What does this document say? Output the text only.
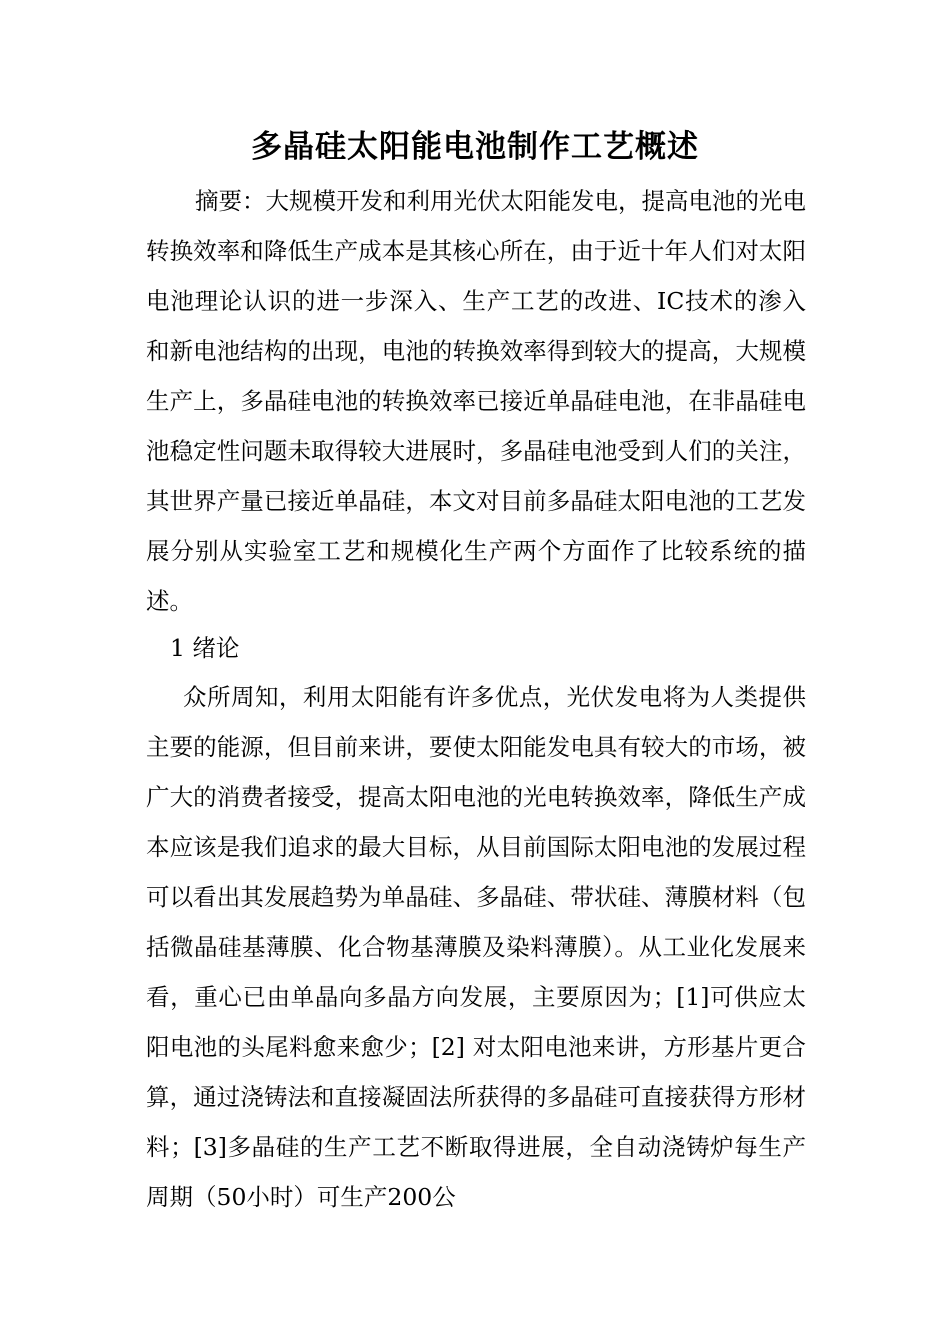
多晶硅太阳能电池制作工艺概述

摘要：大规模开发和利用光伏太阳能发电，提高电池的光电转换效率和降低生产成本是其核心所在，由于近十年人们对太阳电池理论认识的进一步深入、生产工艺的改进、IC技术的渗入和新电池结构的出现，电池的转换效率得到较大的提高，大规模生产上，多晶硅电池的转换效率已接近单晶硅电池，在非晶硅电池稳定性问题未取得较大进展时，多晶硅电池受到人们的关注，其世界产量已接近单晶硅，本文对目前多晶硅太阳电池的工艺发展分别从实验室工艺和规模化生产两个方面作了比较系统的描述。

1 绪论

众所周知，利用太阳能有许多优点，光伏发电将为人类提供主要的能源，但目前来讲，要使太阳能发电具有较大的市场，被广大的消费者接受，提高太阳电池的光电转换效率，降低生产成本应该是我们追求的最大目标，从目前国际太阳电池的发展过程可以看出其发展趋势为单晶硅、多晶硅、带状硅、薄膜材料（包括微晶硅基薄膜、化合物基薄膜及染料薄膜）。从工业化发展来看，重心已由单晶向多晶方向发展，主要原因为；[1]可供应太阳电池的头尾料愈来愈少；[2] 对太阳电池来讲，方形基片更合算，通过浇铸法和直接凝固法所获得的多晶硅可直接获得方形材料；[3]多晶硅的生产工艺不断取得进展，全自动浇铸炉每生产周期（50小时）可生产200公
